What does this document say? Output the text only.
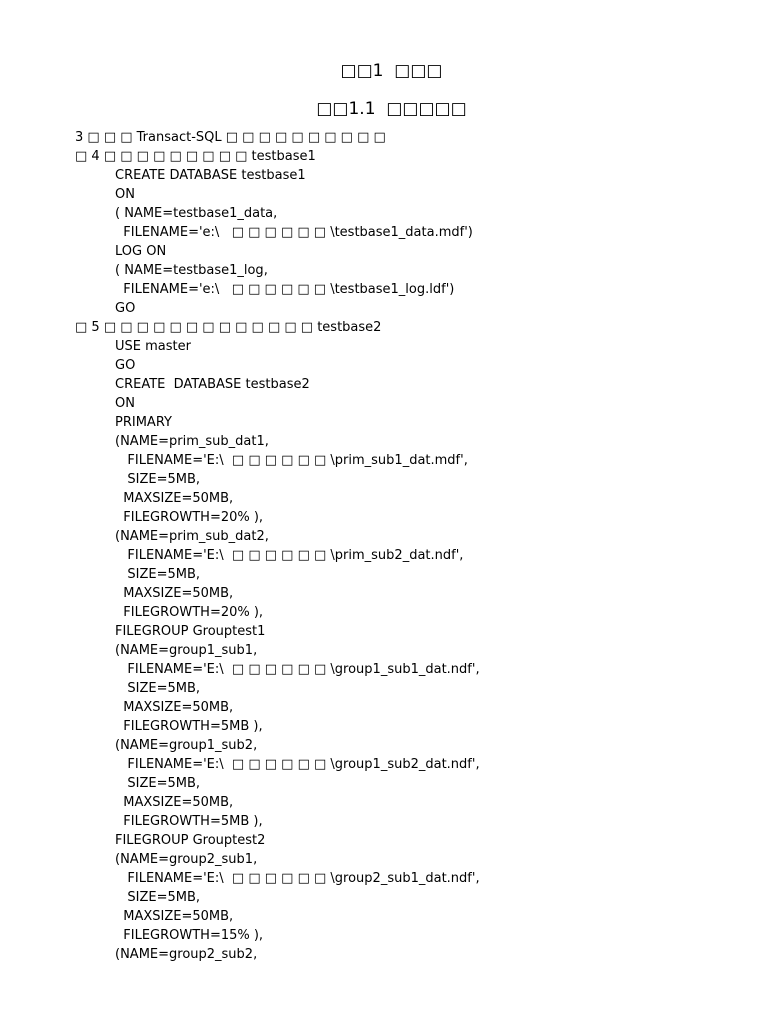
□□1  □□□
□□1.1  □□□□□
3 □ □ □ Transact-SQL □ □ □ □ □ □ □ □ □ □
□ 4 □ □ □ □ □ □ □ □ □ testbase1
CREATE DATABASE testbase1
ON
( NAME=testbase1_data,
FILENAME='e:\   □ □ □ □ □ □ \testbase1_data.mdf')
LOG ON
( NAME=testbase1_log,
FILENAME='e:\   □ □ □ □ □ □ \testbase1_log.ldf')
GO
□ 5 □ □ □ □ □ □ □ □ □ □ □ □ □ testbase2
USE master
GO
CREATE  DATABASE testbase2
ON
PRIMARY
(NAME=prim_sub_dat1,
FILENAME='E:\  □ □ □ □ □ □ \prim_sub1_dat.mdf',
SIZE=5MB,
MAXSIZE=50MB,
FILEGROWTH=20% ),
(NAME=prim_sub_dat2,
FILENAME='E:\  □ □ □ □ □ □ \prim_sub2_dat.ndf',
SIZE=5MB,
MAXSIZE=50MB,
FILEGROWTH=20% ),
FILEGROUP Grouptest1
(NAME=group1_sub1,
FILENAME='E:\  □ □ □ □ □ □ \group1_sub1_dat.ndf',
SIZE=5MB,
MAXSIZE=50MB,
FILEGROWTH=5MB ),
(NAME=group1_sub2,
FILENAME='E:\  □ □ □ □ □ □ \group1_sub2_dat.ndf',
SIZE=5MB,
MAXSIZE=50MB,
FILEGROWTH=5MB ),
FILEGROUP Grouptest2
(NAME=group2_sub1,
FILENAME='E:\  □ □ □ □ □ □ \group2_sub1_dat.ndf',
SIZE=5MB,
MAXSIZE=50MB,
FILEGROWTH=15% ),
(NAME=group2_sub2,
